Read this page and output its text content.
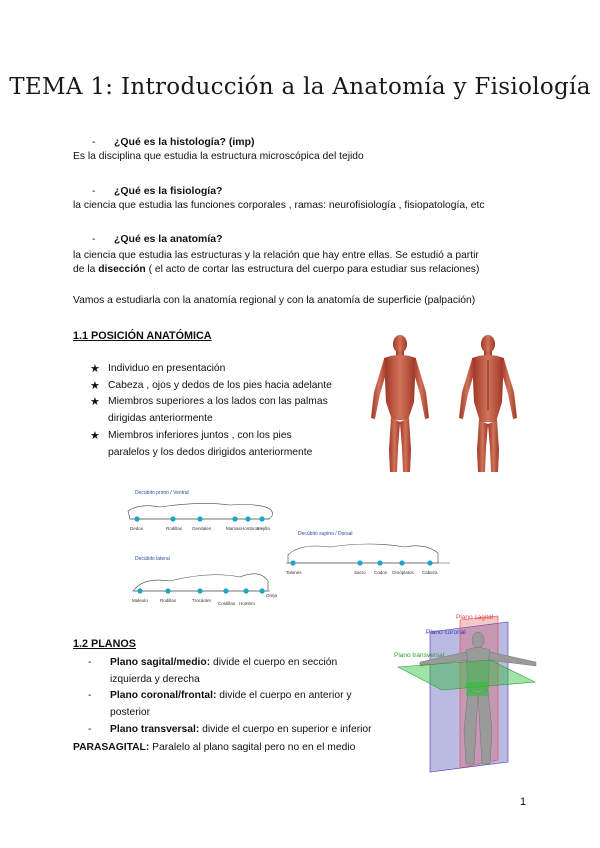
TEMA 1: Introducción a la Anatomía y Fisiología
- ¿Qué es la histología? (imp)
Es la disciplina que estudia la estructura microscópica del tejido
- ¿Qué es la fisiología?
la ciencia que estudia las funciones corporales , ramas: neurofisiología , fisiopatología, etc
- ¿Qué es la anatomía?
la ciencia que estudia las estructuras y la relación que hay entre ellas. Se estudió a partir
de la disección ( el acto de cortar las estructura del cuerpo para estudiar sus relaciones)
Vamos a estudiarla con la anatomía regional y con la anatomía de superficie (palpación)
1.1 POSICIÓN ANATÓMICA
★ Individuo en presentación
★ Cabeza , ojos y dedos de los pies hacia adelante
★ Miembros superiores a los lados con las palmas
dirigidas anteriormente
★ Miembros inferiores juntos , con los pies
paralelos y los dedos dirigidos anteriormente
Decúbito prono / Ventral
Dedos	Rodillas Genitales	Mamas Hombros
Mejilla
Decúbito supino / Dorsal
Talones	Sacro Codos Omóplatos Cabeza
Decúbito lateral
Maleolo	Rodillas	Trocánter
Costillas Hombro
Oreja
1.2 PLANOS
-	Plano sagital/medio: divide el cuerpo en sección
izquierda y derecha
-	Plano coronal/frontal: divide el cuerpo en anterior y
posterior
-	Plano transversal: divide el cuerpo en superior e inferior
PARASAGITAL: Paralelo al plano sagital pero no en el medio
Plano sagital
Plano coronal
Plano transversal
1
